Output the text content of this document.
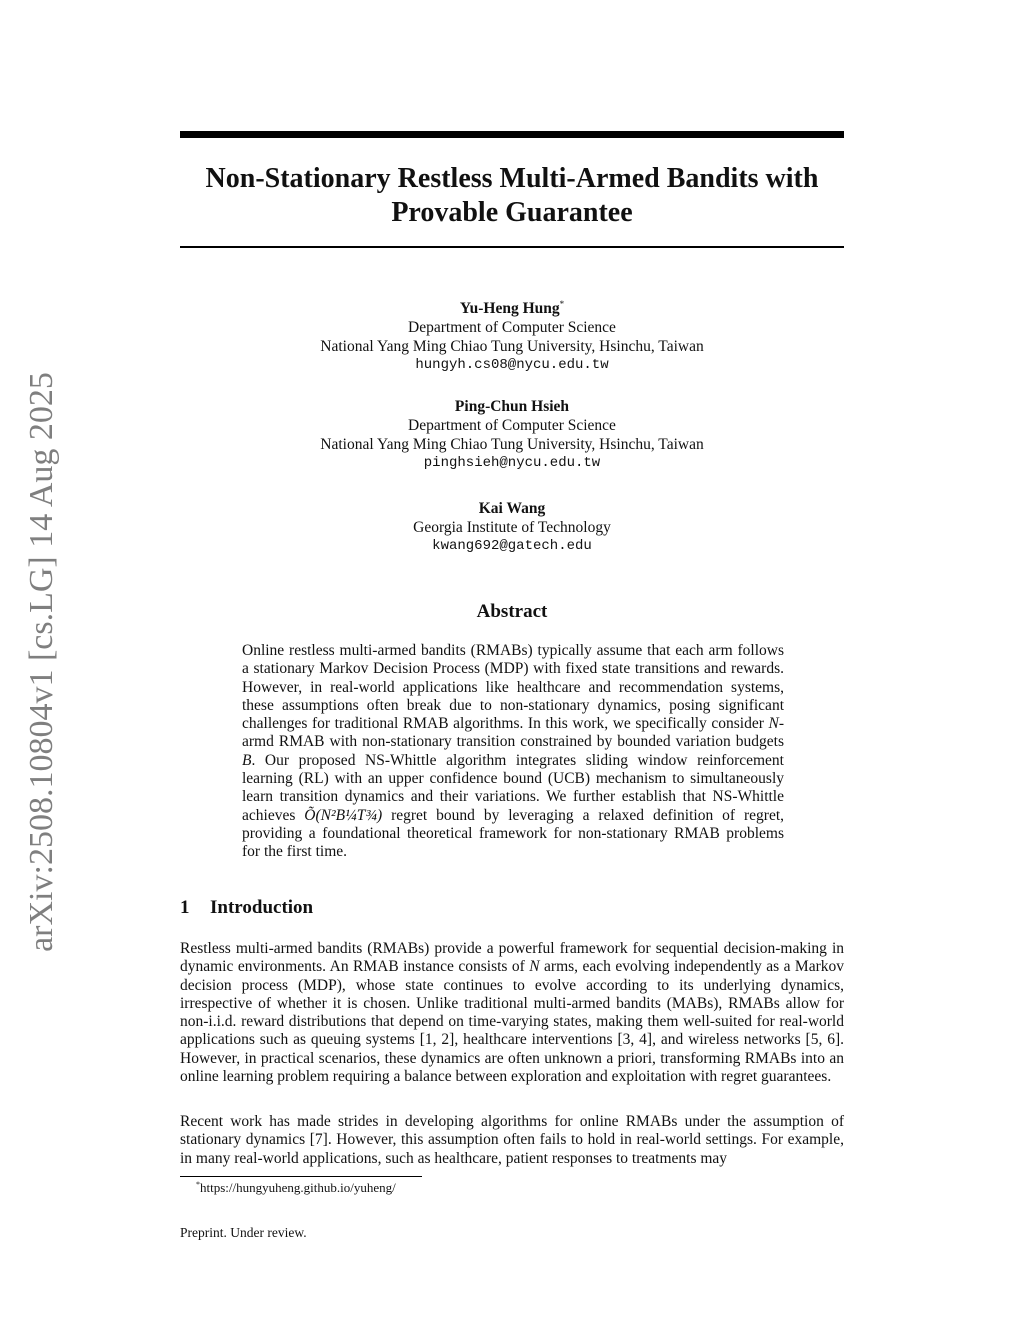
arXiv:2508.10804v1 [cs.LG] 14 Aug 2025
Non-Stationary Restless Multi-Armed Bandits with
Provable Guarantee
Yu-Heng Hung*
Department of Computer Science
National Yang Ming Chiao Tung University, Hsinchu, Taiwan
hungyh.cs08@nycu.edu.tw
Ping-Chun Hsieh
Department of Computer Science
National Yang Ming Chiao Tung University, Hsinchu, Taiwan
pinghsieh@nycu.edu.tw
Kai Wang
Georgia Institute of Technology
kwang692@gatech.edu
Abstract

Online restless multi-armed bandits (RMABs) typically assume that each arm follows a stationary Markov Decision Process (MDP) with fixed state transitions and rewards. However, in real-world applications like healthcare and recommendation systems, these assumptions often break due to non-stationary dynamics, posing significant challenges for traditional RMAB algorithms. In this work, we specifically consider N-armd RMAB with non-stationary transition constrained by bounded variation budgets B. Our proposed NS-Whittle algorithm integrates sliding window reinforcement learning (RL) with an upper confidence bound (UCB) mechanism to simultaneously learn transition dynamics and their variations. We further establish that NS-Whittle achieves Õ(N²B¼T¾) regret bound by leveraging a relaxed definition of regret, providing a foundational theoretical framework for non-stationary RMAB problems for the first time.

1 Introduction

Restless multi-armed bandits (RMABs) provide a powerful framework for sequential decision-making in dynamic environments. An RMAB instance consists of N arms, each evolving independently as a Markov decision process (MDP), whose state continues to evolve according to its underlying dynamics, irrespective of whether it is chosen. Unlike traditional multi-armed bandits (MABs), RMABs allow for non-i.i.d. reward distributions that depend on time-varying states, making them well-suited for real-world applications such as queuing systems [1, 2], healthcare interventions [3, 4], and wireless networks [5, 6]. However, in practical scenarios, these dynamics are often unknown a priori, transforming RMABs into an online learning problem requiring a balance between exploration and exploitation with regret guarantees.

Recent work has made strides in developing algorithms for online RMABs under the assumption of stationary dynamics [7]. However, this assumption often fails to hold in real-world settings. For example, in many real-world applications, such as healthcare, patient responses to treatments may

*https://hungyuheng.github.io/yuheng/
Preprint. Under review.
